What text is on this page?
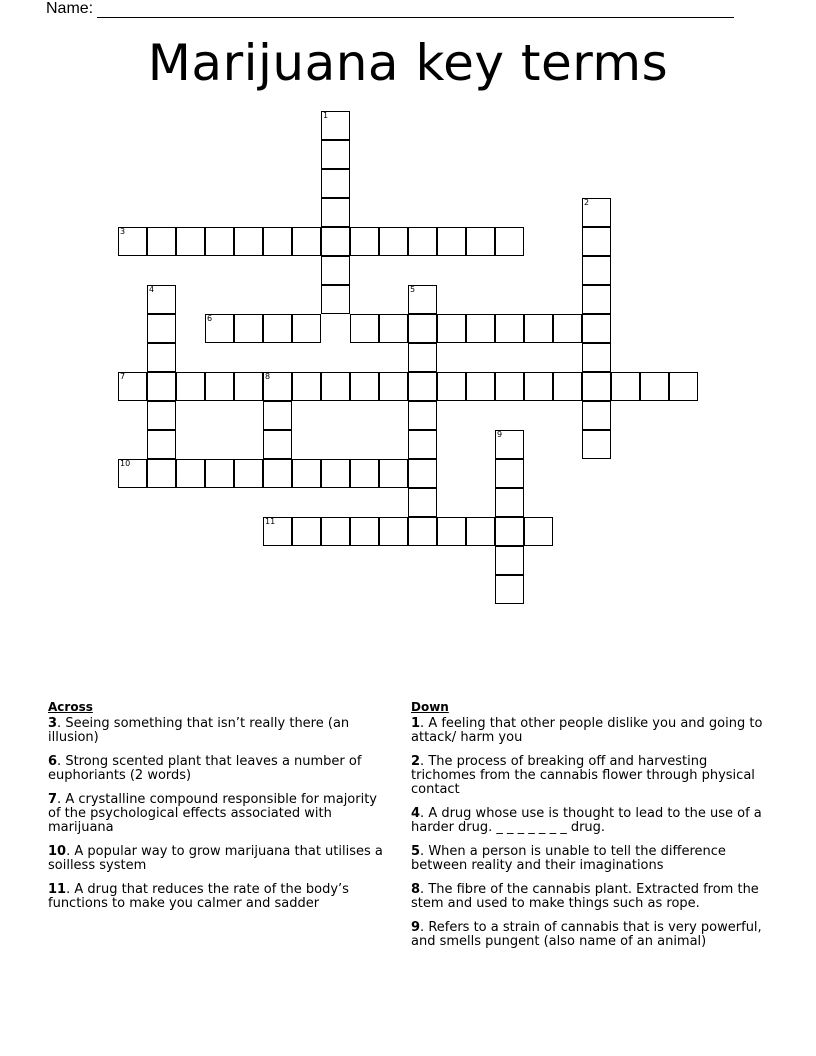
Name:
Marijuana key terms
1
2
3
4	5
6
7	8
9
10
11
Across
3. Seeing something that isn’t really there (an illusion)
6. Strong scented plant that leaves a number of euphoriants (2 words)
7. A crystalline compound responsible for majority of the psychological effects associated with marijuana
10. A popular way to grow marijuana that utilises a soilless system
11. A drug that reduces the rate of the body’s functions to make you calmer and sadder
Down
1. A feeling that other people dislike you and going to attack/ harm you
2. The process of breaking off and harvesting trichomes from the cannabis flower through physical contact
4. A drug whose use is thought to lead to the use of a harder drug. _ _ _ _ _ _ _ drug.
5. When a person is unable to tell the difference between reality and their imaginations
8. The fibre of the cannabis plant. Extracted from the stem and used to make things such as rope.
9. Refers to a strain of cannabis that is very powerful, and smells pungent (also name of an animal)
